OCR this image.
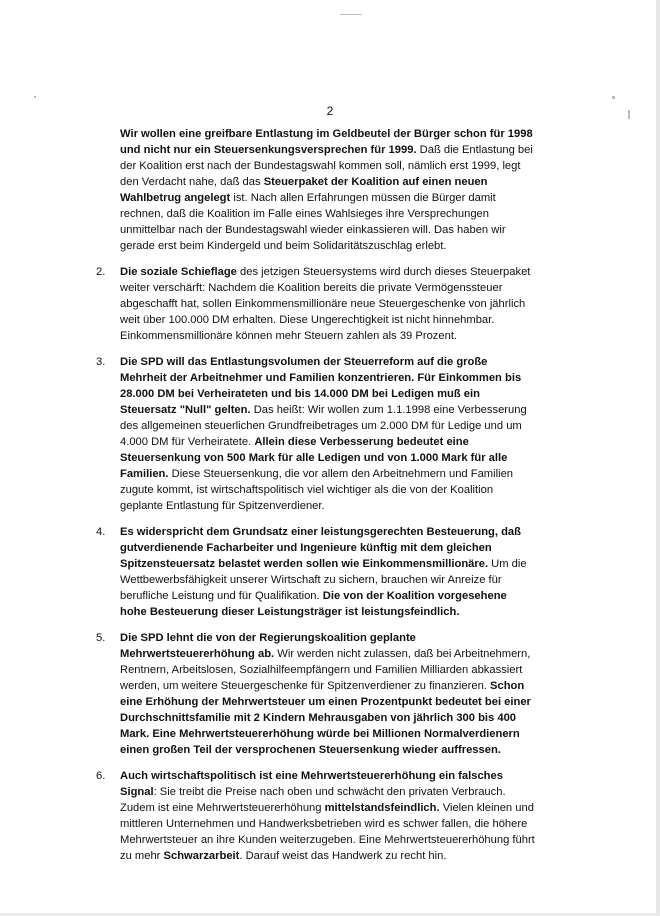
2

Wir wollen eine greifbare Entlastung im Geldbeutel der Bürger schon für 1998 und nicht nur ein Steuersenkungsversprechen für 1999. Daß die Entlastung bei der Koalition erst nach der Bundestagswahl kommen soll, nämlich erst 1999, legt den Verdacht nahe, daß das Steuerpaket der Koalition auf einen neuen Wahlbetrug angelegt ist. Nach allen Erfahrungen müssen die Bürger damit rechnen, daß die Koalition im Falle eines Wahlsieges ihre Versprechungen unmittelbar nach der Bundestagswahl wieder einkassieren will. Das haben wir gerade erst beim Kindergeld und beim Solidaritätszuschlag erlebt.

2.	Die soziale Schieflage des jetzigen Steuersystems wird durch dieses Steuerpaket weiter verschärft: Nachdem die Koalition bereits die private Vermögenssteuer abgeschafft hat, sollen Einkommensmillionäre neue Steuergeschenke von jährlich weit über 100.000 DM erhalten. Diese Ungerechtigkeit ist nicht hinnehmbar. Einkommensmillionäre können mehr Steuern zahlen als 39 Prozent.
3.	Die SPD will das Entlastungsvolumen der Steuerreform auf die große Mehrheit der Arbeitnehmer und Familien konzentrieren. Für Einkommen bis 28.000 DM bei Verheirateten und bis 14.000 DM bei Ledigen muß ein Steuersatz "Null" gelten. Das heißt: Wir wollen zum 1.1.1998 eine Verbesserung des allgemeinen steuerlichen Grundfreibetrages um 2.000 DM für Ledige und um 4.000 DM für Verheiratete. Allein diese Verbesserung bedeutet eine Steuersenkung von 500 Mark für alle Ledigen und von 1.000 Mark für alle Familien. Diese Steuersenkung, die vor allem den Arbeitnehmern und Familien zugute kommt, ist wirtschaftspolitisch viel wichtiger als die von der Koalition geplante Entlastung für Spitzenverdiener.
4.	Es widerspricht dem Grundsatz einer leistungsgerechten Besteuerung, daß gutverdienende Facharbeiter und Ingenieure künftig mit dem gleichen Spitzensteuersatz belastet werden sollen wie Einkommensmillionäre. Um die Wettbewerbsfähigkeit unserer Wirtschaft zu sichern, brauchen wir Anreize für berufliche Leistung und für Qualifikation. Die von der Koalition vorgesehene hohe Besteuerung dieser Leistungsträger ist leistungsfeindlich.
5.	Die SPD lehnt die von der Regierungskoalition geplante Mehrwertsteuererhöhung ab. Wir werden nicht zulassen, daß bei Arbeitnehmern, Rentnern, Arbeitslosen, Sozialhilfeempfängern und Familien Milliarden abkassiert werden, um weitere Steuergeschenke für Spitzenverdiener zu finanzieren. Schon eine Erhöhung der Mehrwertsteuer um einen Prozentpunkt bedeutet bei einer Durchschnittsfamilie mit 2 Kindern Mehrausgaben von jährlich 300 bis 400 Mark. Eine Mehrwertsteuererhöhung würde bei Millionen Normalverdienern einen großen Teil der versprochenen Steuersenkung wieder auffressen.
6.	Auch wirtschaftspolitisch ist eine Mehrwertsteuererhöhung ein falsches Signal: Sie treibt die Preise nach oben und schwächt den privaten Verbrauch. Zudem ist eine Mehrwertsteuererhöhung mittelstandsfeindlich. Vielen kleinen und mittleren Unternehmen und Handwerksbetrieben wird es schwer fallen, die höhere Mehrwertsteuer an ihre Kunden weiterzugeben. Eine Mehrwertsteuererhöhung führt zu mehr Schwarzarbeit. Darauf weist das Handwerk zu recht hin.
